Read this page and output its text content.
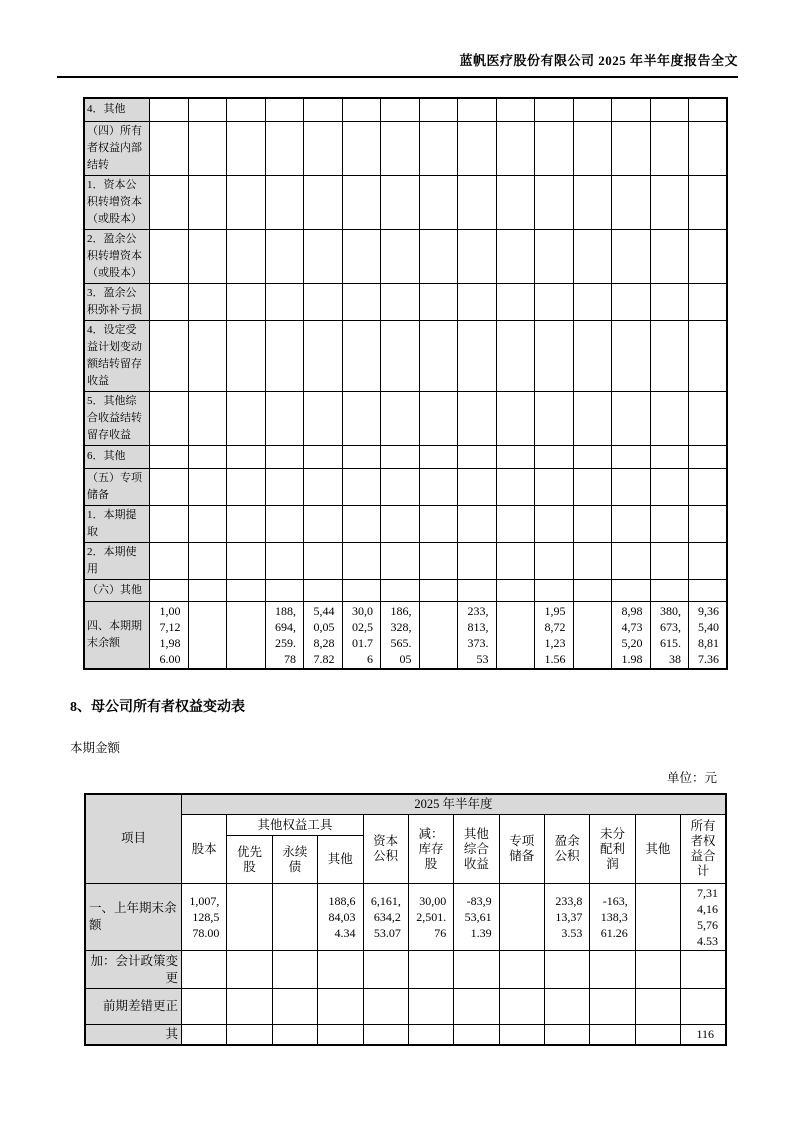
蓝帆医疗股份有限公司 2025 年半年度报告全文
4．其他															
（四）所有者权益内部结转															
1．资本公积转增资本（或股本）															
2．盈余公积转增资本（或股本）															
3．盈余公积弥补亏损															
4．设定受益计划变动额结转留存收益															
5．其他综合收益结转留存收益															
6．其他															
（五）专项储备															
1．本期提取															
2．本期使用															
（六）其他															
四、本期期末余额	1,007,121,986.00			188,694,259.78	5,440,058,287.82	30,002,501.76	186,328,565.05		233,813,373.53		1,958,721,231.56		8,984,735,201.98	380,673,615.38	9,365,408,817.36
8、母公司所有者权益变动表
本期金额
单位：元
项目	2025 年半年度											
	股本	其他权益工具			资本公积	减：库存股	其他综合收益	专项储备	盈余公积	未分配利润	其他	所有者权益合计
		优先股	永续债	其他								
一、上年期末余额	1,007,128,578.00			188,684,034.34	6,161,634,253.07	30,002,501.76	-83,953,611.39		233,813,373.53	-163,138,361.26		7,314,165,764.53
加：会计政策变更												
前期差错更正												
其													116
